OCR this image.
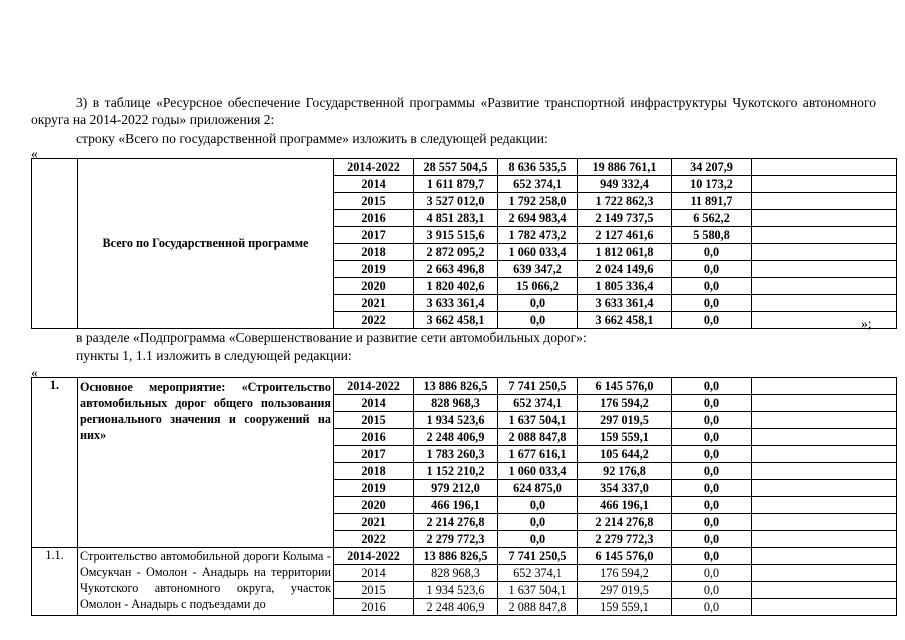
3) в таблице «Ресурсное обеспечение Государственной программы «Развитие транспортной инфраструктуры Чукотского автономного округа на 2014-2022 годы» приложения 2:
строку «Всего по государственной программе» изложить в следующей редакции:
«
	Всего по Государственной программе	2014-2022	28 557 504,5	8 636 535,5	19 886 761,1	34 207,9	
		2014	1 611 879,7	652 374,1	949 332,4	10 173,2	
		2015	3 527 012,0	1 792 258,0	1 722 862,3	11 891,7	
		2016	4 851 283,1	2 694 983,4	2 149 737,5	6 562,2	
		2017	3 915 515,6	1 782 473,2	2 127 461,6	5 580,8	
		2018	2 872 095,2	1 060 033,4	1 812 061,8	0,0	
		2019	2 663 496,8	639 347,2	2 024 149,6	0,0	
		2020	1 820 402,6	15 066,2	1 805 336,4	0,0	
		2021	3 633 361,4	0,0	3 633 361,4	0,0	
		2022	3 662 458,1	0,0	3 662 458,1	0,0		»;
в разделе «Подпрограмма «Совершенствование и развитие сети автомобильных дорог»:
пункты 1, 1.1 изложить в следующей редакции:
«
1.	Основное мероприятие: «Строительство автомобильных дорог общего пользования регионального значения и сооружений на них»	2014-2022	13 886 826,5	7 741 250,5	6 145 576,0	0,0	
		2014	828 968,3	652 374,1	176 594,2	0,0	
		2015	1 934 523,6	1 637 504,1	297 019,5	0,0	
		2016	2 248 406,9	2 088 847,8	159 559,1	0,0	
		2017	1 783 260,3	1 677 616,1	105 644,2	0,0	
		2018	1 152 210,2	1 060 033,4	92 176,8	0,0	
		2019	979 212,0	624 875,0	354 337,0	0,0	
		2020	466 196,1	0,0	466 196,1	0,0	
		2021	2 214 276,8	0,0	2 214 276,8	0,0	
		2022	2 279 772,3	0,0	2 279 772,3	0,0	
1.1.	Строительство автомобильной дороги Колыма - Омсукчан - Омолон - Анадырь на территории Чукотского автономного округа, участок Омолон - Анадырь с подъездами до	2014-2022	13 886 826,5	7 741 250,5	6 145 576,0	0,0	
		2014	828 968,3	652 374,1	176 594,2	0,0	
		2015	1 934 523,6	1 637 504,1	297 019,5	0,0	
		2016	2 248 406,9	2 088 847,8	159 559,1	0,0	
